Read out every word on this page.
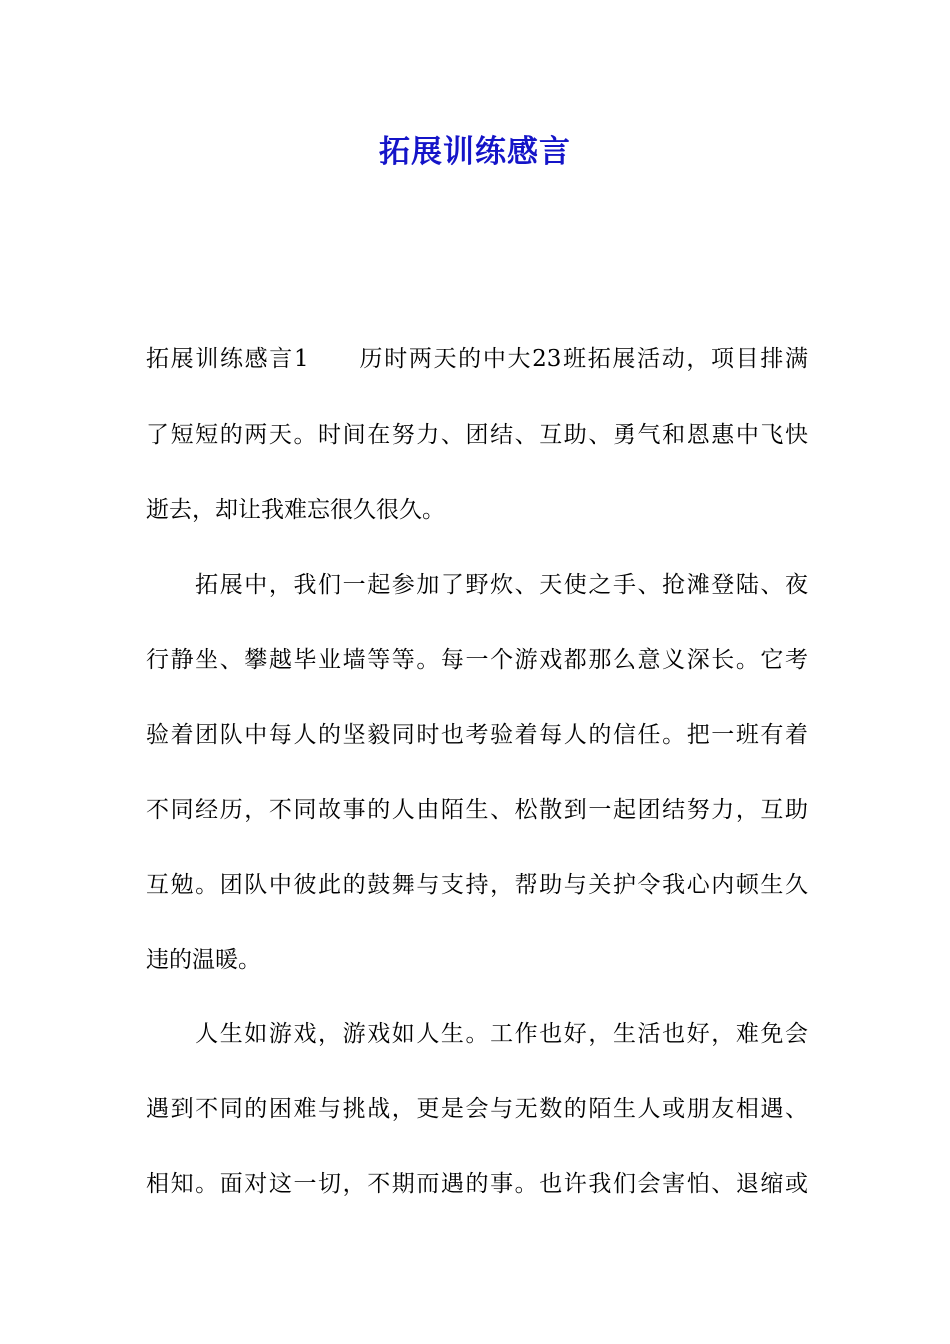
拓展训练感言
拓展训练感言1　　历时两天的中大23班拓展活动，项目排满
了短短的两天。时间在努力、团结、互助、勇气和恩惠中飞快
逝去，却让我难忘很久很久。
　　拓展中，我们一起参加了野炊、天使之手、抢滩登陆、夜
行静坐、攀越毕业墙等等。每一个游戏都那么意义深长。它考
验着团队中每人的坚毅同时也考验着每人的信任。把一班有着
不同经历，不同故事的人由陌生、松散到一起团结努力，互助
互勉。团队中彼此的鼓舞与支持，帮助与关护令我心内顿生久
违的温暖。
　　人生如游戏，游戏如人生。工作也好，生活也好，难免会
遇到不同的困难与挑战，更是会与无数的陌生人或朋友相遇、
相知。面对这一切，不期而遇的事。也许我们会害怕、退缩或
